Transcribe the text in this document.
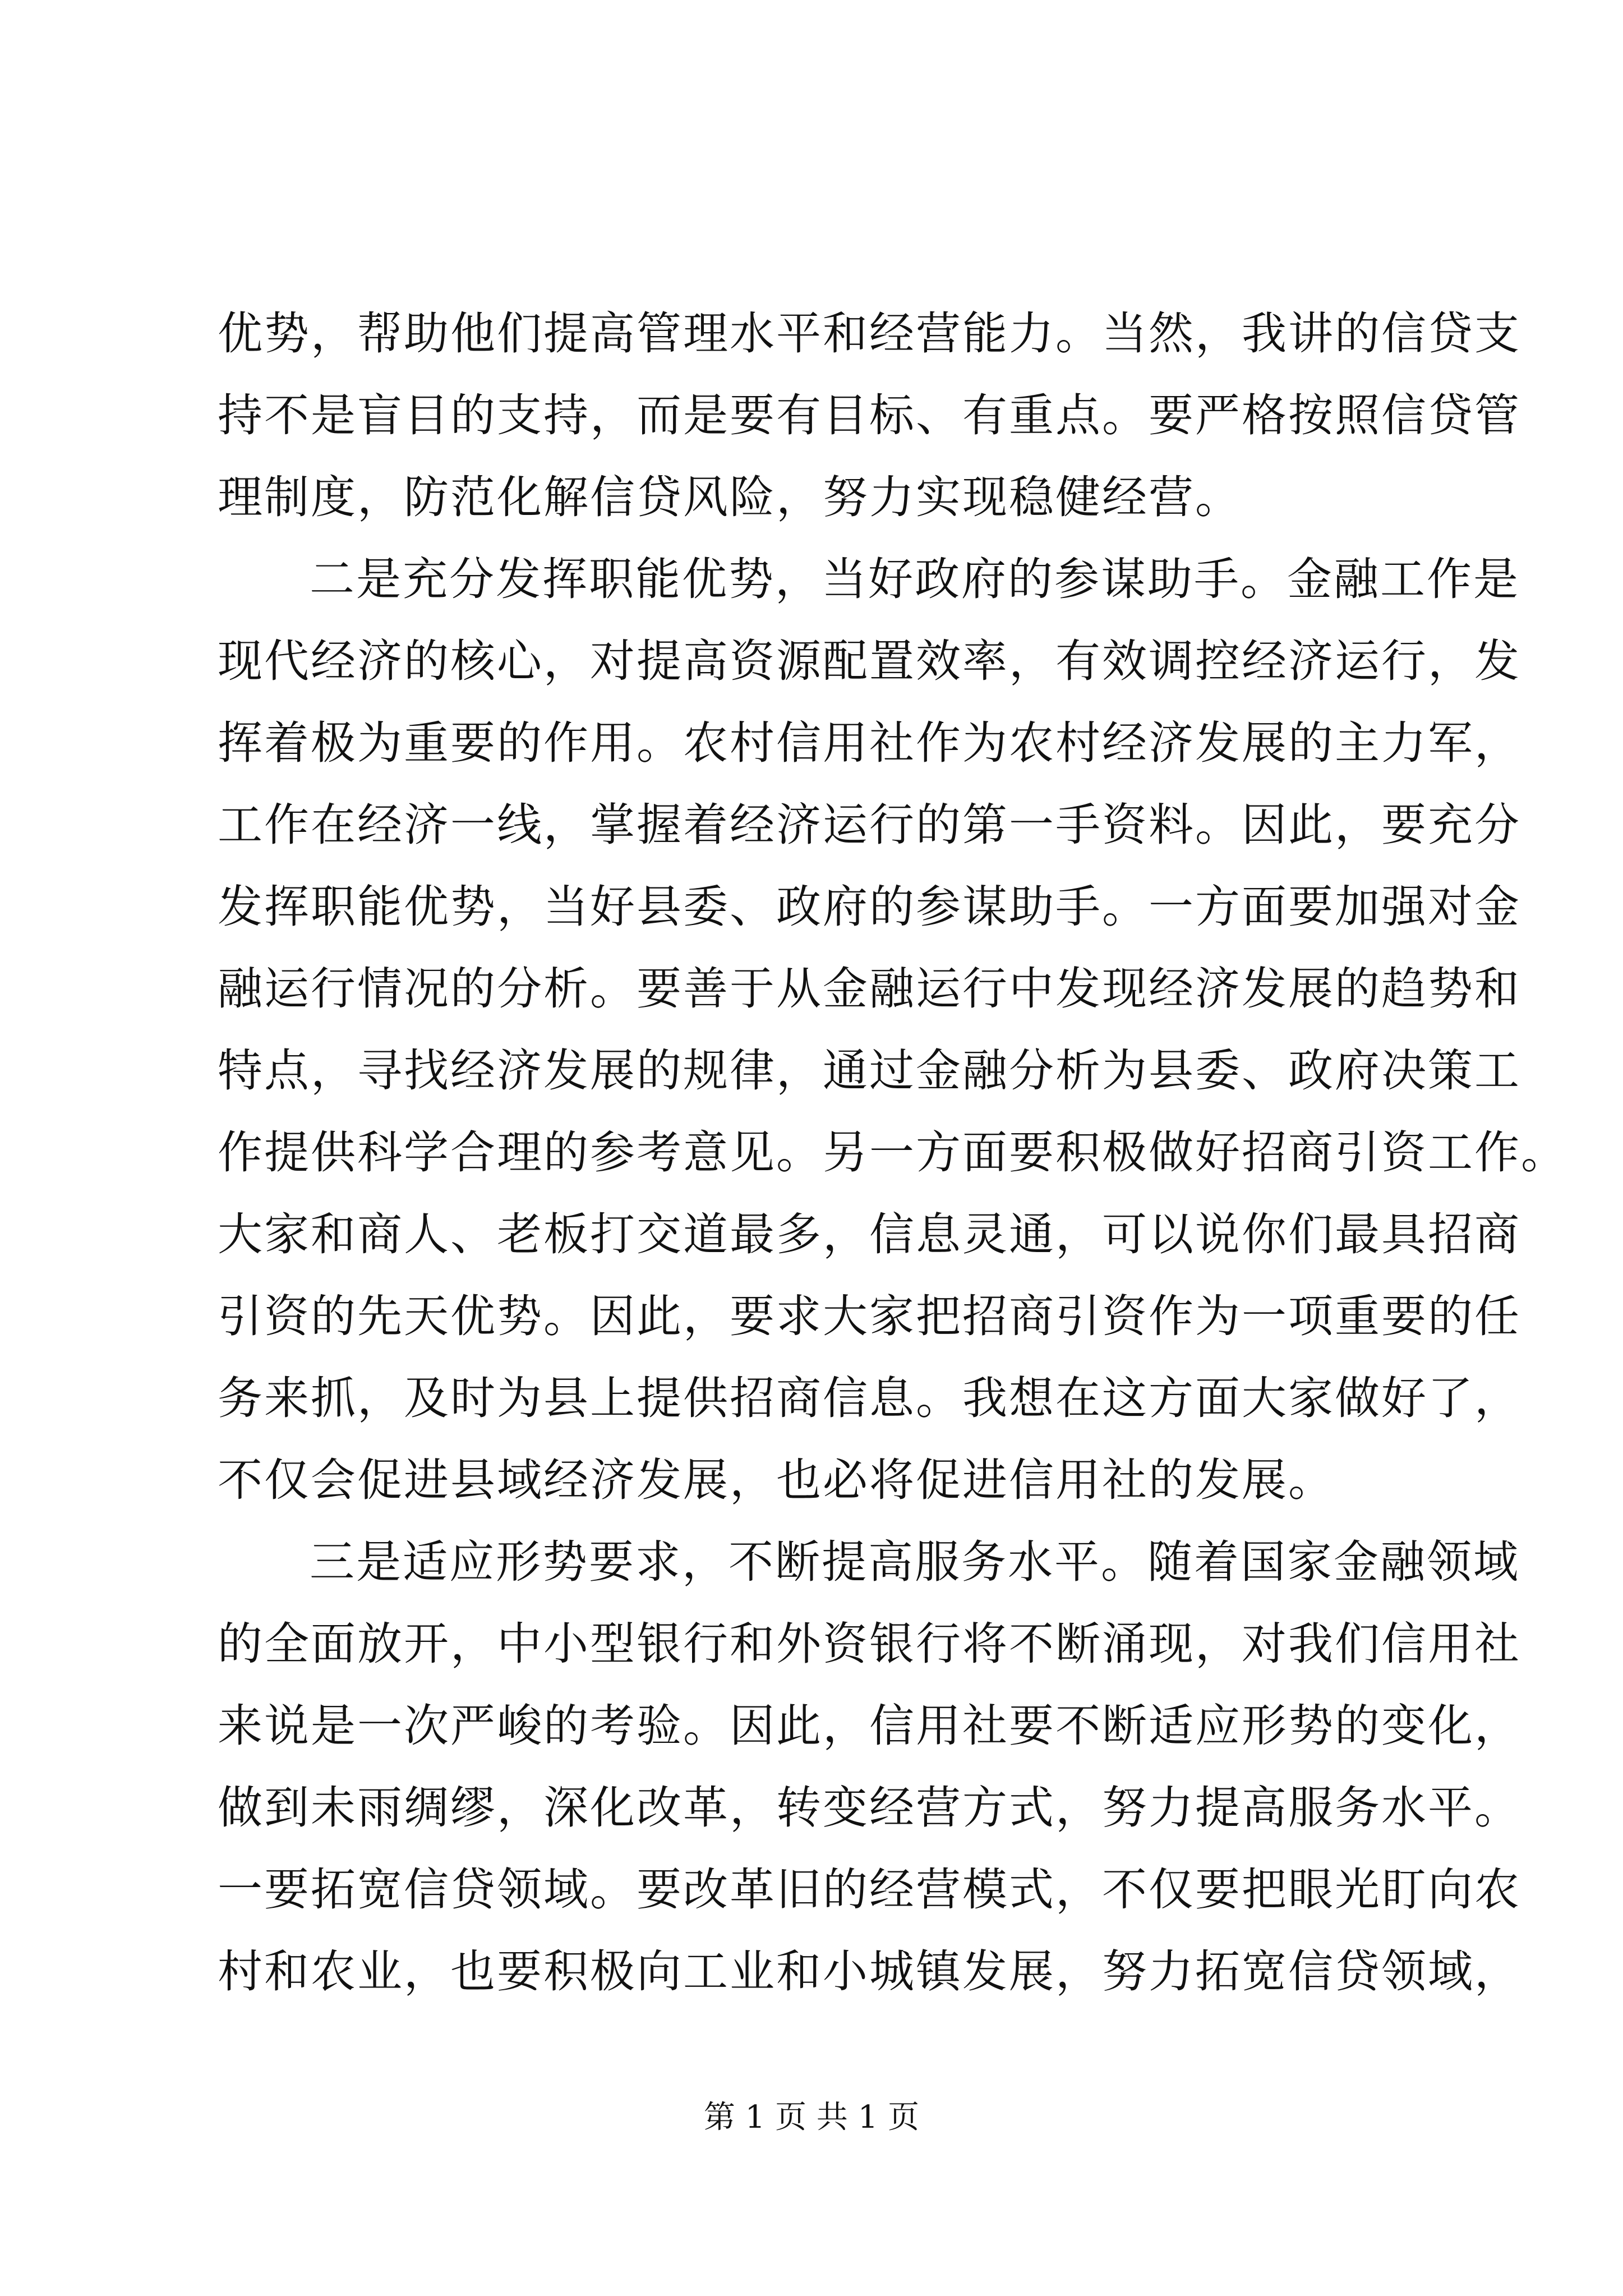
优势，帮助他们提高管理水平和经营能力。当然，我讲的信贷支
持不是盲目的支持，而是要有目标、有重点。要严格按照信贷管
理制度，防范化解信贷风险，努力实现稳健经营。
二是充分发挥职能优势，当好政府的参谋助手。金融工作是
现代经济的核心，对提高资源配置效率，有效调控经济运行，发
挥着极为重要的作用。农村信用社作为农村经济发展的主力军，
工作在经济一线，掌握着经济运行的第一手资料。因此，要充分
发挥职能优势，当好县委、政府的参谋助手。一方面要加强对金
融运行情况的分析。要善于从金融运行中发现经济发展的趋势和
特点，寻找经济发展的规律，通过金融分析为县委、政府决策工
作提供科学合理的参考意见。另一方面要积极做好招商引资工作。
大家和商人、老板打交道最多，信息灵通，可以说你们最具招商
引资的先天优势。因此，要求大家把招商引资作为一项重要的任
务来抓，及时为县上提供招商信息。我想在这方面大家做好了，
不仅会促进县域经济发展，也必将促进信用社的发展。
三是适应形势要求，不断提高服务水平。随着国家金融领域
的全面放开，中小型银行和外资银行将不断涌现，对我们信用社
来说是一次严峻的考验。因此，信用社要不断适应形势的变化，
做到未雨绸缪，深化改革，转变经营方式，努力提高服务水平。
一要拓宽信贷领域。要改革旧的经营模式，不仅要把眼光盯向农
村和农业，也要积极向工业和小城镇发展，努力拓宽信贷领域，
第 1 页 共 1 页
